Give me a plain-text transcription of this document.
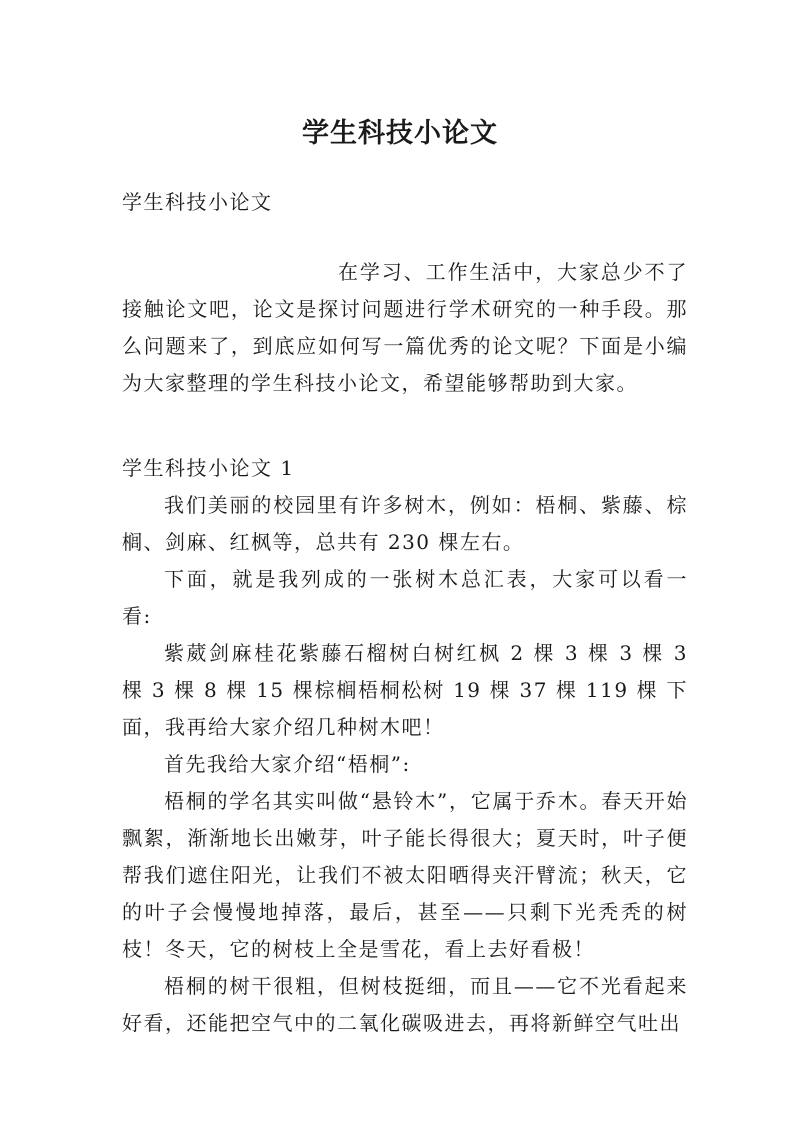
学生科技小论文
学生科技小论文

在学习、工作生活中，大家总少不了接触论文吧，论文是探讨问题进行学术研究的一种手段。那么问题来了，到底应如何写一篇优秀的论文呢？下面是小编为大家整理的学生科技小论文，希望能够帮助到大家。

学生科技小论文 1

我们美丽的校园里有许多树木，例如：梧桐、紫藤、棕榈、剑麻、红枫等，总共有 230 棵左右。

下面，就是我列成的一张树木总汇表，大家可以看一看:

紫葳剑麻桂花紫藤石榴树白树红枫 2 棵 3 棵 3 棵 3 棵 3 棵 8 棵 15 棵棕榈梧桐松树 19 棵 37 棵 119 棵 下面，我再给大家介绍几种树木吧！

首先我给大家介绍“梧桐”:

梧桐的学名其实叫做“悬铃木”，它属于乔木。春天开始飘絮，渐渐地长出嫩芽，叶子能长得很大；夏天时，叶子便帮我们遮住阳光，让我们不被太阳晒得夹汗臂流；秋天，它的叶子会慢慢地掉落，最后，甚至——只剩下光秃秃的树枝！冬天，它的树枝上全是雪花，看上去好看极！

梧桐的树干很粗，但树枝挺细，而且——它不光看起来好看，还能把空气中的二氧化碳吸进去，再将新鲜空气吐出
